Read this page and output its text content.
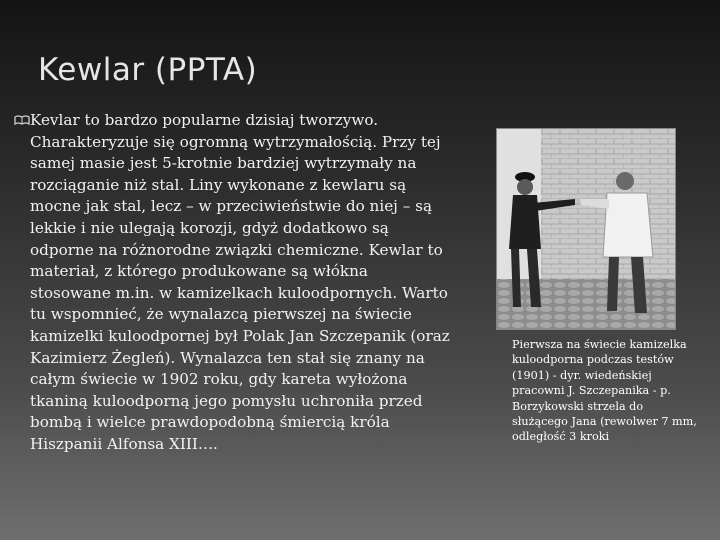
Kewlar (PPTA)

Kevlar to bardzo popularne dzisiaj tworzywo. Charakteryzuje się ogromną wytrzymałością. Przy tej samej masie jest 5-krotnie bardziej wytrzymały na rozciąganie niż stal. Liny wykonane z kewlaru są mocne jak stal, lecz – w przeciwieństwie do niej – są lekkie i nie ulegają korozji, gdyż dodatkowo są odporne na różnorodne związki chemiczne. Kewlar to materiał, z którego produkowane są włókna stosowane m.in. w kamizelkach kuloodpornych. Warto tu wspomnieć, że wynalazcą pierwszej na świecie kamizelki kuloodpornej był Polak Jan Szczepanik (oraz Kazimierz Żegleń). Wynalazca ten stał się znany na całym świecie w 1902 roku, gdy kareta wyłożona tkaniną kuloodporną jego pomysłu uchroniła przed bombą i wielce prawdopodobną śmiercią króla Hiszpanii Alfonsa XIII….

Pierwsza na świecie kamizelka kuloodporna podczas testów (1901) - dyr. wiedeńskiej pracowni J. Szczepanika - p. Borzykowski strzela do służącego Jana (rewolwer 7 mm, odległość 3 kroki
